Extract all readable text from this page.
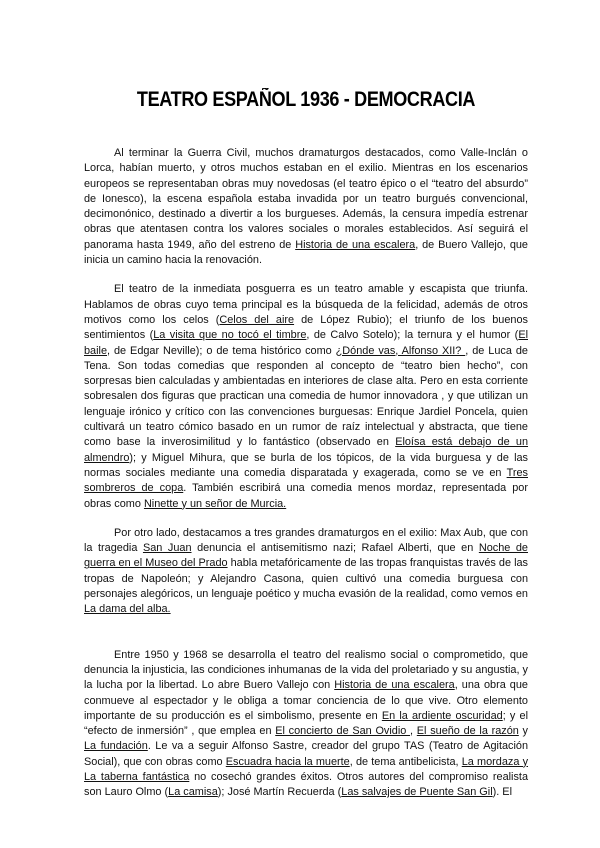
TEATRO ESPAÑOL 1936 - DEMOCRACIA

Al terminar la Guerra Civil, muchos dramaturgos destacados, como Valle-Inclán o Lorca, habían muerto, y otros muchos estaban en el exilio. Mientras en los escenarios europeos se representaban obras muy novedosas (el teatro épico o el “teatro del absurdo” de Ionesco), la escena española estaba invadida por un teatro burgués convencional, decimonónico, destinado a divertir a los burgueses. Además, la censura impedía estrenar obras que atentasen contra los valores sociales o morales establecidos. Así seguirá el panorama hasta 1949, año del estreno de Historia de una escalera, de Buero Vallejo, que inicia un camino hacia la renovación.

El teatro de la inmediata posguerra es un teatro amable y escapista que triunfa. Hablamos de obras cuyo tema principal es la búsqueda de la felicidad, además de otros motivos como los celos (Celos del aire de López Rubio); el triunfo de los buenos sentimientos (La visita que no tocó el timbre, de Calvo Sotelo); la ternura y el humor (El baile, de Edgar Neville); o de tema histórico como ¿Dónde vas, Alfonso XII? , de Luca de Tena. Son todas comedias que responden al concepto de “teatro bien hecho”, con sorpresas bien calculadas y ambientadas en interiores de clase alta. Pero en esta corriente sobresalen dos figuras que practican una comedia de humor innovadora , y que utilizan un lenguaje irónico y crítico con las convenciones burguesas: Enrique Jardiel Poncela, quien cultivará un teatro cómico basado en un rumor de raíz intelectual y abstracta, que tiene como base la inverosimilitud y lo fantástico (observado en Eloísa está debajo de un almendro); y Miguel Mihura, que se burla de los tópicos, de la vida burguesa y de las normas sociales mediante una comedia disparatada y exagerada, como se ve en Tres sombreros de copa. También escribirá una comedia menos mordaz, representada por obras como Ninette y un señor de Murcia.

Por otro lado, destacamos a tres grandes dramaturgos en el exilio: Max Aub, que con la tragedia San Juan denuncia el antisemitismo nazi; Rafael Alberti, que en Noche de guerra en el Museo del Prado habla metafóricamente de las tropas franquistas través de las tropas de Napoleón; y Alejandro Casona, quien cultivó una comedia burguesa con personajes alegóricos, un lenguaje poético y mucha evasión de la realidad, como vemos en La dama del alba.

Entre 1950 y 1968 se desarrolla el teatro del realismo social o comprometido, que denuncia la injusticia, las condiciones inhumanas de la vida del proletariado y su angustia, y la lucha por la libertad. Lo abre Buero Vallejo con Historia de una escalera, una obra que conmueve al espectador y le obliga a tomar conciencia de lo que vive. Otro elemento importante de su producción es el simbolismo, presente en En la ardiente oscuridad; y el “efecto de inmersión” , que emplea en El concierto de San Ovidio , El sueño de la razón y La fundación. Le va a seguir Alfonso Sastre, creador del grupo TAS (Teatro de Agitación Social), que con obras como Escuadra hacia la muerte, de tema antibelicista, La mordaza y La taberna fantástica no cosechó grandes éxitos. Otros autores del compromiso realista son Lauro Olmo (La camisa); José Martín Recuerda (Las salvajes de Puente San Gil). El
